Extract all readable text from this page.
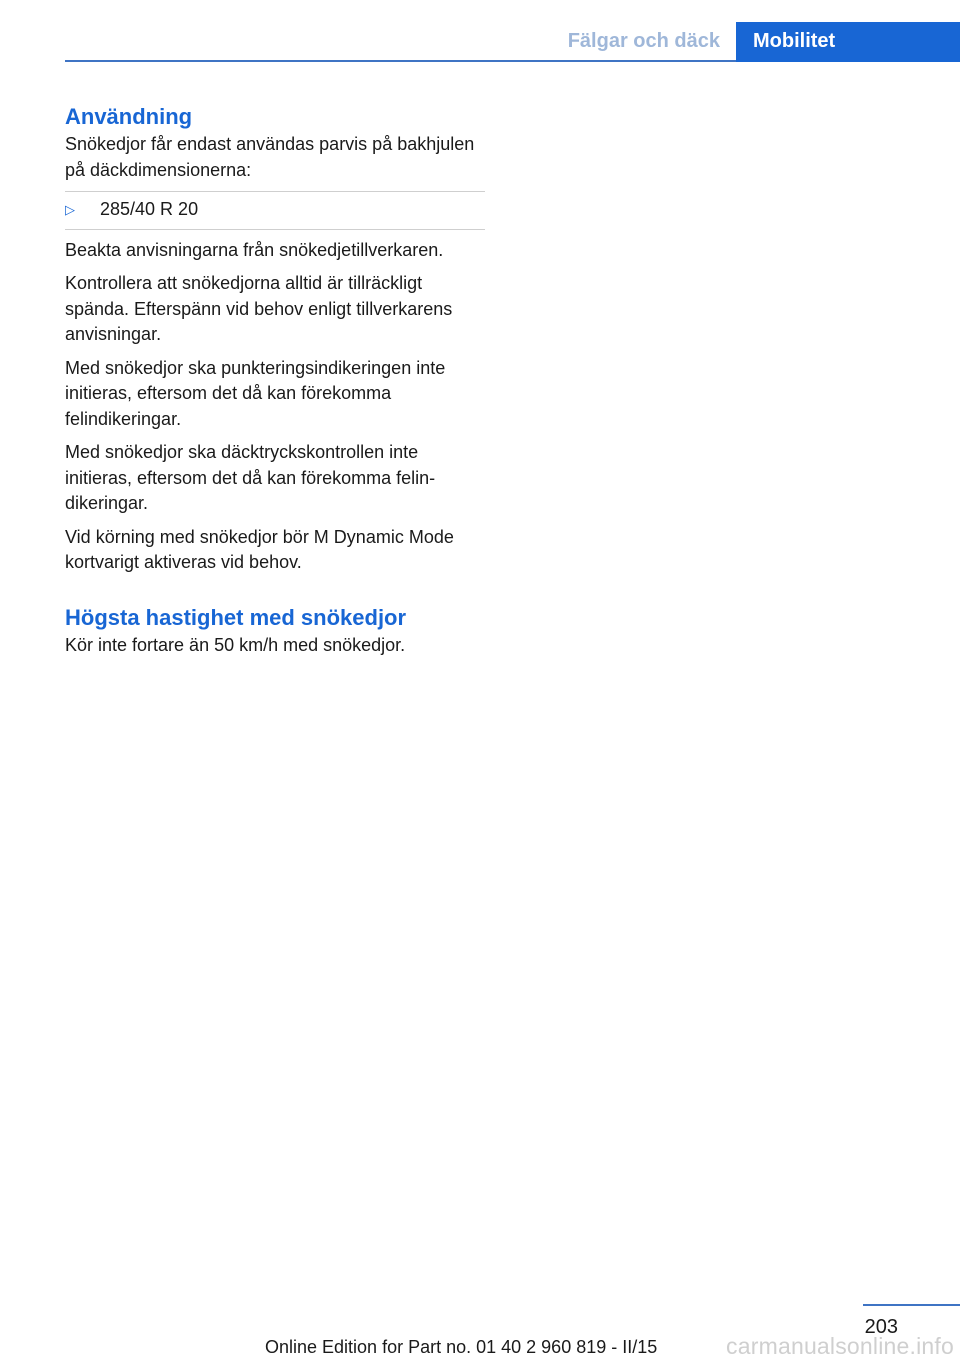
Fälgar och däck	Mobilitet
Användning

Snökedjor får endast användas parvis på bakhjulen på däckdimensionerna:

▷	285/40 R 20

Beakta anvisningarna från snökedjetillverkaren.

Kontrollera att snökedjorna alltid är tillräckligt spända. Efterspänn vid behov enligt tillverkarens anvisningar.

Med snökedjor ska punkteringsindikeringen inte initieras, eftersom det då kan förekomma felindikeringar.

Med snökedjor ska däcktryckskontrollen inte initieras, eftersom det då kan förekomma felindikeringar.

Vid körning med snökedjor bör M Dynamic Mode kortvarigt aktiveras vid behov.

Högsta hastighet med snökedjor

Kör inte fortare än 50 km/h med snökedjor.

203
Online Edition for Part no. 01 40 2 960 819 - II/15	carmanualsonline.info
